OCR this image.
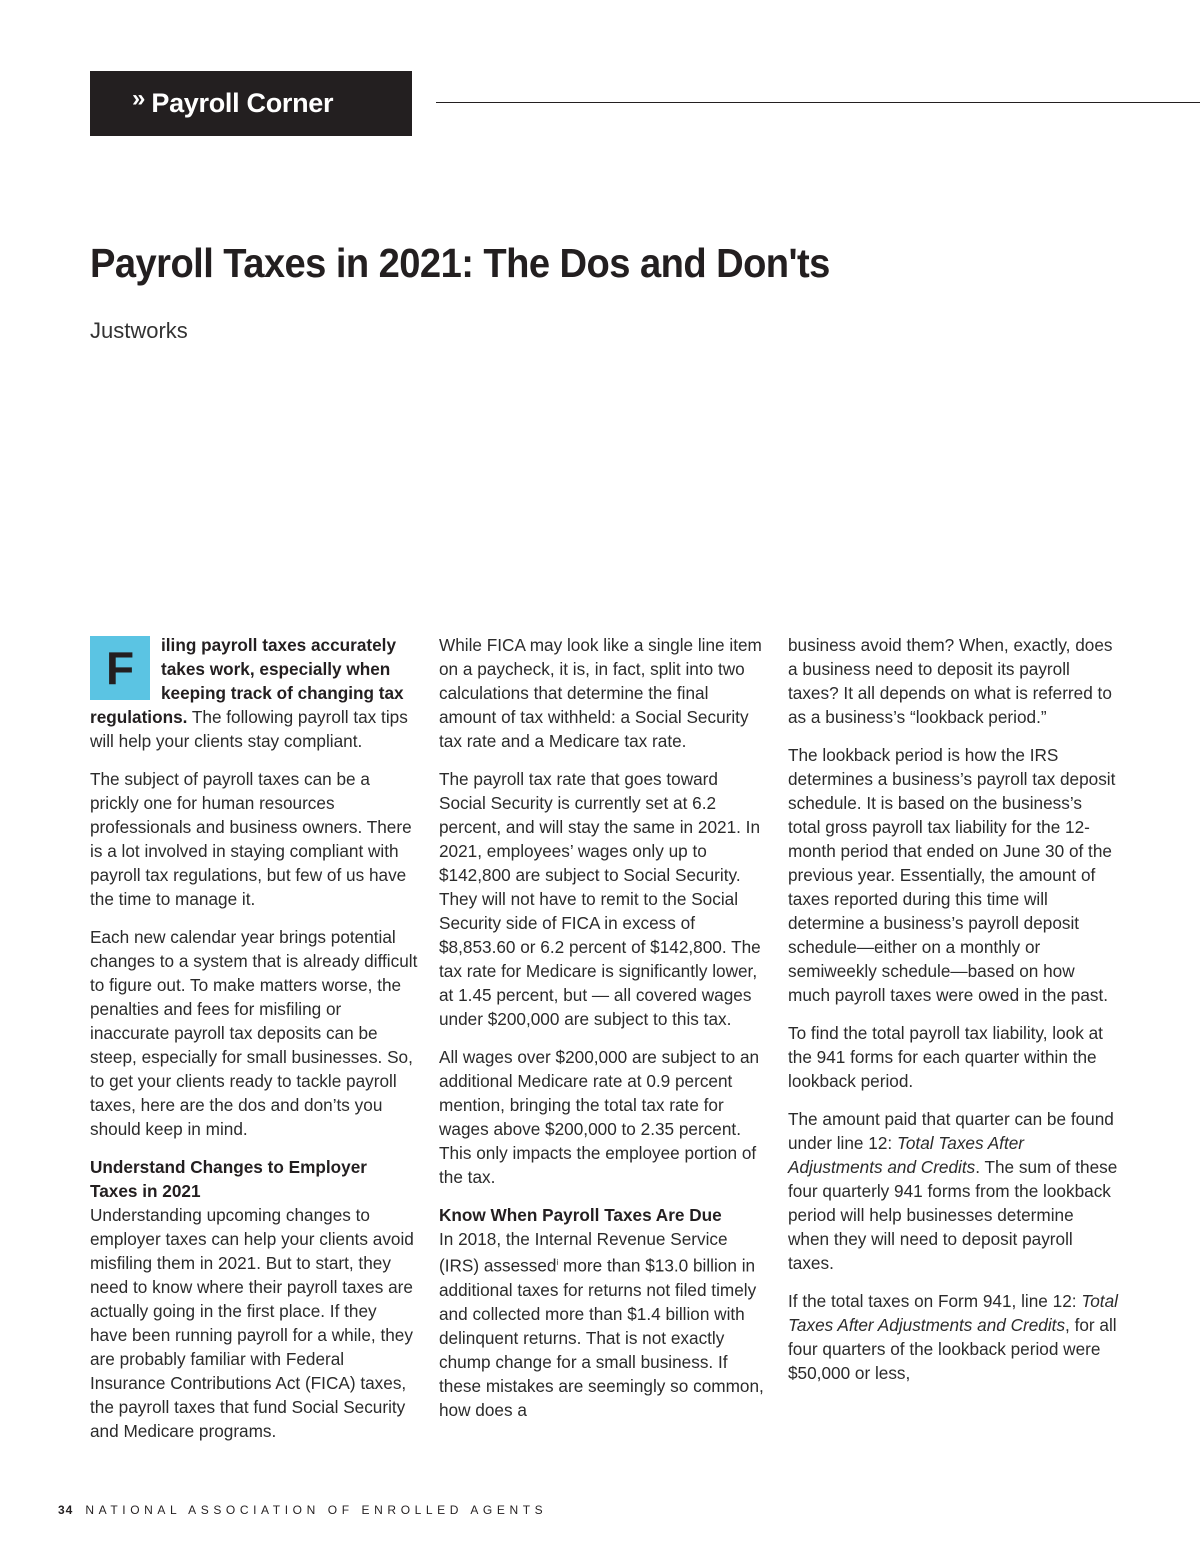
» Payroll Corner
Payroll Taxes in 2021: The Dos and Don'ts

Justworks

F	iling payroll taxes accurately takes work, especially when keeping track of changing tax regulations. The following payroll tax tips will help your clients stay compliant.

The subject of payroll taxes can be a prickly one for human resources professionals and business owners. There is a lot involved in staying compliant with payroll tax regulations, but few of us have the time to manage it.

Each new calendar year brings potential changes to a system that is already difficult to figure out. To make matters worse, the penalties and fees for misfiling or inaccurate payroll tax deposits can be steep, especially for small businesses. So, to get your clients ready to tackle payroll taxes, here are the dos and don’ts you should keep in mind.

Understand Changes to Employer Taxes in 2021
Understanding upcoming changes to employer taxes can help your clients avoid misfiling them in 2021. But to start, they need to know where their payroll taxes are actually going in the first place. If they have been running payroll for a while, they are probably familiar with Federal Insurance Contributions Act (FICA) taxes, the payroll taxes that fund Social Security and Medicare programs.

While FICA may look like a single line item on a paycheck, it is, in fact, split into two calculations that determine the final amount of tax withheld: a Social Security tax rate and a Medicare tax rate.

The payroll tax rate that goes toward Social Security is currently set at 6.2 percent, and will stay the same in 2021. In 2021, employees’ wages only up to $142,800 are subject to Social Security. They will not have to remit to the Social Security side of FICA in excess of $8,853.60 or 6.2 percent of $142,800. The tax rate for Medicare is significantly lower, at 1.45 percent, but — all covered wages under $200,000 are subject to this tax.

All wages over $200,000 are subject to an additional Medicare rate at 0.9 percent mention, bringing the total tax rate for wages above $200,000 to 2.35 percent. This only impacts the employee portion of the tax.

Know When Payroll Taxes Are Due
In 2018, the Internal Revenue Service (IRS) assessed$^i$ more than $13.0 billion in additional taxes for returns not filed timely and collected more than $1.4 billion with delinquent returns. That is not exactly chump change for a small business. If these mistakes are seemingly so common, how does a

business avoid them? When, exactly, does a business need to deposit its payroll taxes? It all depends on what is referred to as a business’s “lookback period.”

The lookback period is how the IRS determines a business’s payroll tax deposit schedule. It is based on the business’s total gross payroll tax liability for the 12-month period that ended on June 30 of the previous year. Essentially, the amount of taxes reported during this time will determine a business’s payroll deposit schedule—either on a monthly or semiweekly schedule—based on how much payroll taxes were owed in the past.

To find the total payroll tax liability, look at the 941 forms for each quarter within the lookback period.

The amount paid that quarter can be found under line 12: Total Taxes After Adjustments and Credits. The sum of these four quarterly 941 forms from the lookback period will help businesses determine when they will need to deposit payroll taxes.

If the total taxes on Form 941, line 12: Total Taxes After Adjustments and Credits, for all four quarters of the lookback period were $50,000 or less,

34 NATIONAL ASSOCIATION OF ENROLLED AGENTS
